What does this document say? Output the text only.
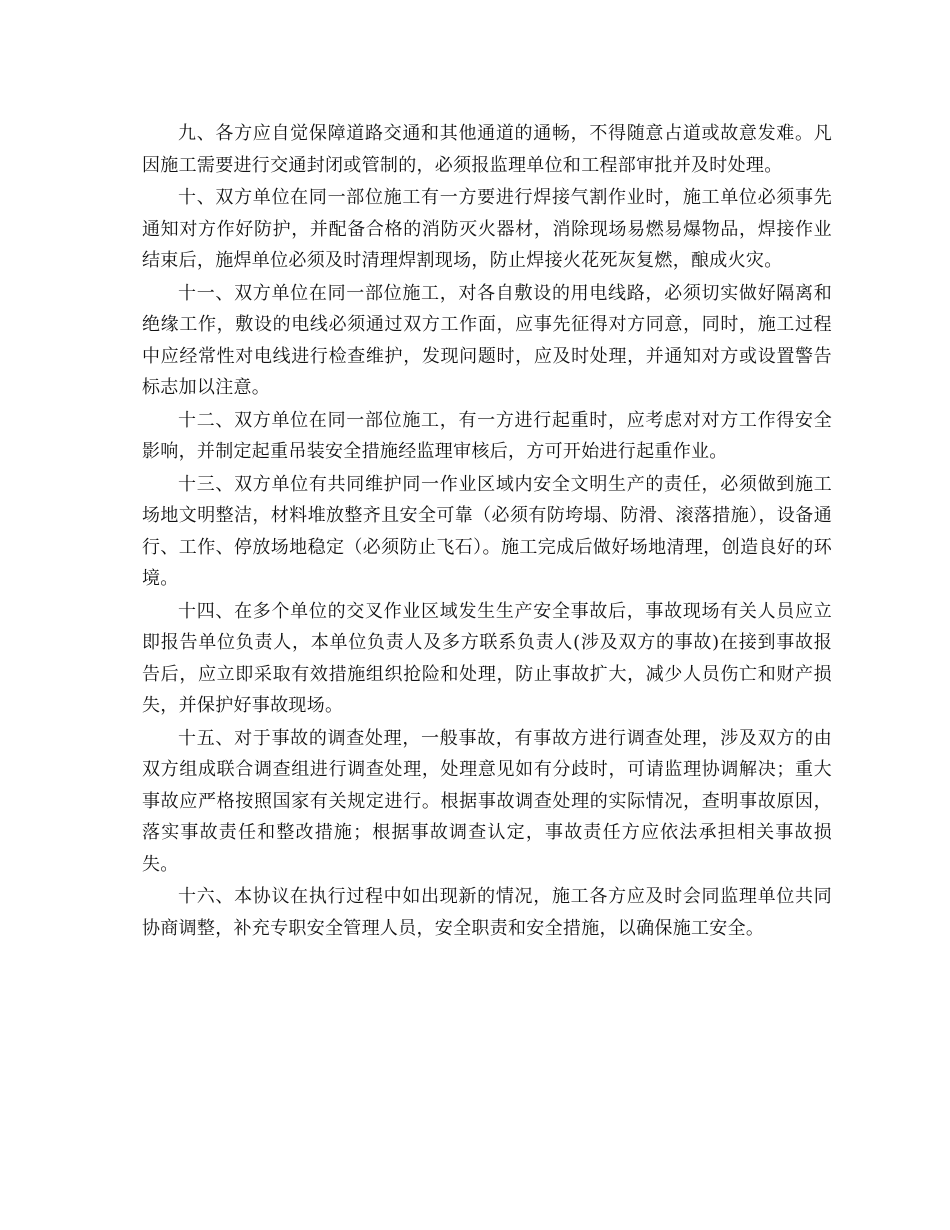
九、各方应自觉保障道路交通和其他通道的通畅，不得随意占道或故意发难。凡因施工需要进行交通封闭或管制的，必须报监理单位和工程部审批并及时处理。

十、双方单位在同一部位施工有一方要进行焊接气割作业时，施工单位必须事先通知对方作好防护，并配备合格的消防灭火器材，消除现场易燃易爆物品，焊接作业结束后，施焊单位必须及时清理焊割现场，防止焊接火花死灰复燃，酿成火灾。

十一、双方单位在同一部位施工，对各自敷设的用电线路，必须切实做好隔离和绝缘工作，敷设的电线必须通过双方工作面，应事先征得对方同意，同时，施工过程中应经常性对电线进行检查维护，发现问题时，应及时处理，并通知对方或设置警告标志加以注意。

十二、双方单位在同一部位施工，有一方进行起重时，应考虑对对方工作得安全影响，并制定起重吊装安全措施经监理审核后，方可开始进行起重作业。

十三、双方单位有共同维护同一作业区域内安全文明生产的责任，必须做到施工场地文明整洁，材料堆放整齐且安全可靠（必须有防垮塌、防滑、滚落措施），设备通行、工作、停放场地稳定（必须防止飞石）。施工完成后做好场地清理，创造良好的环境。

十四、在多个单位的交叉作业区域发生生产安全事故后，事故现场有关人员应立即报告单位负责人，本单位负责人及多方联系负责人(涉及双方的事故)在接到事故报告后，应立即采取有效措施组织抢险和处理，防止事故扩大，减少人员伤亡和财产损失，并保护好事故现场。

十五、对于事故的调查处理，一般事故，有事故方进行调查处理，涉及双方的由双方组成联合调查组进行调查处理，处理意见如有分歧时，可请监理协调解决；重大事故应严格按照国家有关规定进行。根据事故调查处理的实际情况，查明事故原因，落实事故责任和整改措施；根据事故调查认定，事故责任方应依法承担相关事故损失。

十六、本协议在执行过程中如出现新的情况，施工各方应及时会同监理单位共同协商调整，补充专职安全管理人员，安全职责和安全措施，以确保施工安全。
